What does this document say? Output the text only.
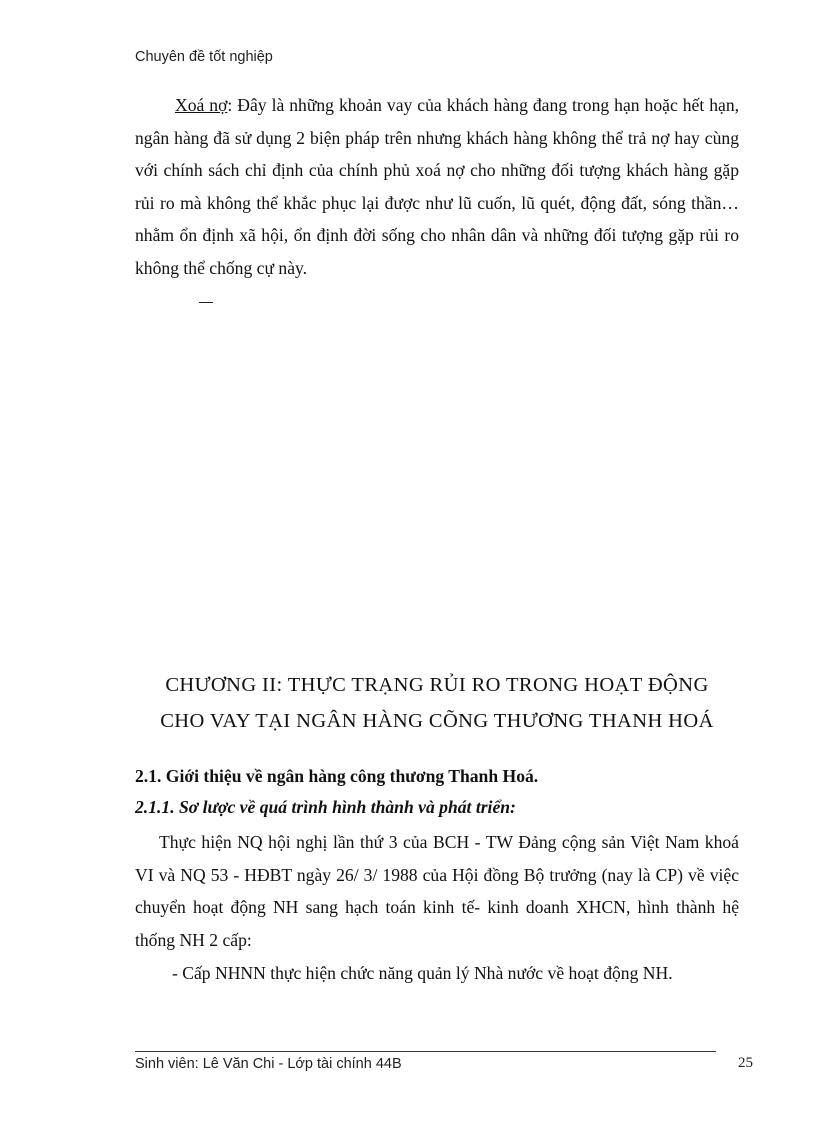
Chuyên đề tốt nghiệp
Xoá nợ: Đây là những khoản vay của khách hàng đang trong hạn hoặc hết hạn, ngân hàng đã sử dụng 2 biện pháp trên nhưng khách hàng không thể trả nợ hay cùng với chính sách chỉ định của chính phủ xoá nợ cho những đối tượng khách hàng gặp rủi ro mà không thể khắc phục lại được như lũ cuốn, lũ quét, động đất, sóng thần… nhằm ổn định xã hội, ổn định đời sống cho nhân dân và những đối tượng gặp rủi ro không thể chống cự này.
CHƯƠNG II: THỰC TRẠNG RỦI RO TRONG HOẠT ĐỘNG
CHO VAY TẠI NGÂN HÀNG CÕNG THƯƠNG THANH HOÁ
2.1. Giới thiệu về ngân hàng công thương Thanh Hoá.
2.1.1. Sơ lược về quá trình hình thành và phát triển:
Thực hiện NQ hội nghị lần thứ 3 của BCH - TW Đảng cộng sản Việt Nam khoá VI và NQ 53 - HĐBT ngày 26/ 3/ 1988 của Hội đồng Bộ trưởng (nay là CP) về việc chuyển hoạt động NH sang hạch toán kinh tế- kinh doanh XHCN, hình thành hệ thống NH 2 cấp:
- Cấp NHNN thực hiện chức năng quản lý Nhà nước về hoạt động NH.
Sinh viên: Lê Văn Chi - Lớp tài chính 44B	25
